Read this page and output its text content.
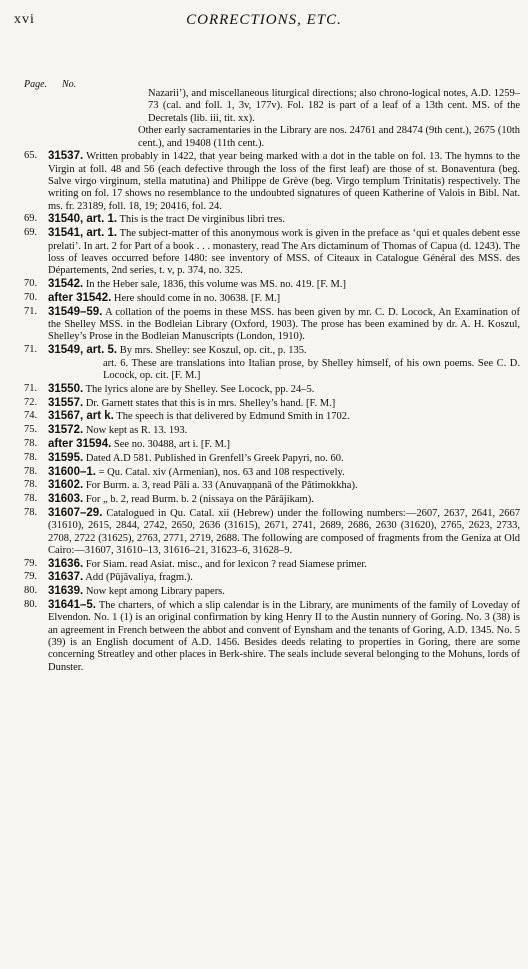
xvi	CORRECTIONS, ETC.
Page. No.
Nazarii’), and miscellaneous liturgical directions; also chrono-logical notes, A.D. 1259–73 (cal. and foll. 1, 3v, 177v). Fol. 182 is part of a leaf of a 13th cent. MS. of the Decretals (lib. iii, tit. xx).
Other early sacramentaries in the Library are nos. 24761 and 28474 (9th cent.), 2675 (10th cent.), and 19408 (11th cent.).
65. 31537. Written probably in 1422, that year being marked with a dot in the table on fol. 13. The hymns to the Virgin at foll. 48 and 56 (each defective through the loss of the first leaf) are those of st. Bonaventura (beg. Salve virgo virginum, stella matutina) and Philippe de Grève (beg. Virgo templum Trinitatis) respectively. The writing on fol. 17 shows no resemblance to the undoubted signatures of queen Katherine of Valois in Bibl. Nat. ms. fr. 23189, foll. 18, 19; 20416, fol. 24.
69. 31540, art. 1. This is the tract De virginibus libri tres.
69. 31541, art. 1. The subject-matter of this anonymous work is given in the preface as ‘qui et quales debent esse prelati’. In art. 2 for Part of a book . . . monastery, read The Ars dictaminum of Thomas of Capua (d. 1243). The loss of leaves occurred before 1480: see inventory of MSS. of Citeaux in Catalogue Général des MSS. des Départements, 2nd series, t. v, p. 374, no. 325.
70. 31542. In the Heber sale, 1836, this volume was MS. no. 419. [F. M.]
70. after 31542. Here should come in no. 30638. [F. M.]
71. 31549–59. A collation of the poems in these MSS. has been given by mr. C. D. Locock, An Examination of the Shelley MSS. in the Bodleian Library (Oxford, 1903). The prose has been examined by dr. A. H. Koszul, Shelley’s Prose in the Bodleian Manuscripts (London, 1910).
71. 31549, art. 5. By mrs. Shelley: see Koszul, op. cit., p. 135.
art. 6. These are translations into Italian prose, by Shelley himself, of his own poems. See C. D. Locock, op. cit. [F. M.]
71. 31550. The lyrics alone are by Shelley. See Locock, pp. 24–5.
72. 31557. Dr. Garnett states that this is in mrs. Shelley’s hand. [F. M.]
74. 31567, art k. The speech is that delivered by Edmund Smith in 1702.
75. 31572. Now kept as R. 13. 193.
78. after 31594. See no. 30488, art i. [F. M.]
78. 31595. Dated A.D 581. Published in Grenfell’s Greek Papyri, no. 60.
78. 31600–1. = Qu. Catal. xiv (Armenian), nos. 63 and 108 respectively.
78. 31602. For Burm. a. 3, read Pāli a. 33 (Anuvaṇṇanā of the Pātimokkha).
78. 31603. For „ b. 2, read Burm. b. 2 (nissaya on the Pārājikam).
78. 31607–29. Catalogued in Qu. Catal. xii (Hebrew) under the following numbers:—2607, 2637, 2641, 2667 (31610), 2615, 2844, 2742, 2650, 2636 (31615), 2671, 2741, 2689, 2686, 2630 (31620), 2765, 2623, 2733, 2708, 2722 (31625), 2763, 2771, 2719, 2688. The following are composed of fragments from the Geniza at Old Cairo:—31607, 31610–13, 31616–21, 31623–6, 31628–9.
79. 31636. For Siam. read Asiat. misc., and for lexicon ? read Siamese primer.
79. 31637. Add (Pūjāvaliya, fragm.).
80. 31639. Now kept among Library papers.
80. 31641–5. The charters, of which a slip calendar is in the Library, are muniments of the family of Loveday of Elvendon. No. 1 (1) is an original confirmation by king Henry II to the Austin nunnery of Goring. No. 3 (38) is an agreement in French between the abbot and convent of Eynsham and the tenants of Goring, A.D. 1345. No. 5 (39) is an English document of A.D. 1456. Besides deeds relating to properties in Goring, there are some concerning Streatley and other places in Berk-shire. The seals include several belonging to the Mohuns, lords of Dunster.
